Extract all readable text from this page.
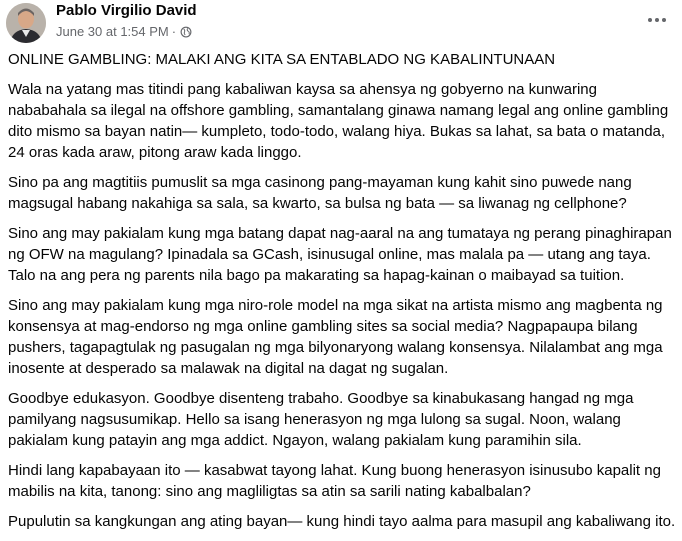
Pablo Virgilio David
June 30 at 1:54 PM ·

ONLINE GAMBLING: MALAKI ANG KITA SA ENTABLADO NG KABALINTUNAAN

Wala na yatang mas titindi pang kabaliwan kaysa sa ahensya ng gobyerno na kunwaring nababahala sa ilegal na offshore gambling, samantalang ginawa namang legal ang online gambling dito mismo sa bayan natin— kumpleto, todo-todo, walang hiya. Bukas sa lahat, sa bata o matanda, 24 oras kada araw, pitong araw kada linggo.

Sino pa ang magtitiis pumuslit sa mga casinong pang-mayaman kung kahit sino puwede nang magsugal habang nakahiga sa sala, sa kwarto, sa bulsa ng bata — sa liwanag ng cellphone?

Sino ang may pakialam kung mga batang dapat nag-aaral na ang tumataya ng perang pinaghirapan ng OFW na magulang? Ipinadala sa GCash, isinusugal online, mas malala pa — utang ang taya. Talo na ang pera ng parents nila bago pa makarating sa hapag-kainan o maibayad sa tuition.

Sino ang may pakialam kung mga niro-role model na mga sikat na artista mismo ang magbenta ng konsensya at mag-endorso ng mga online gambling sites sa social media? Nagpapaupa bilang pushers, tagapagtulak ng pasugalan ng mga bilyonaryong walang konsensya. Nilalambat ang mga inosente at desperado sa malawak na digital na dagat ng sugalan.

Goodbye edukasyon. Goodbye disenteng trabaho. Goodbye sa kinabukasang hangad ng mga pamilyang nagsusumikap. Hello sa isang henerasyon ng mga lulong sa sugal. Noon, walang pakialam kung patayin ang mga addict. Ngayon, walang pakialam kung paramihin sila.

Hindi lang kapabayaan ito — kasabwat tayong lahat. Kung buong henerasyon isinusubo kapalit ng mabilis na kita, tanong: sino ang magliligtas sa atin sa sarili nating kabalbalan?

Pupulutin sa kangkungan ang ating bayan— kung hindi tayo aalma para masupil ang kabaliwang ito.
